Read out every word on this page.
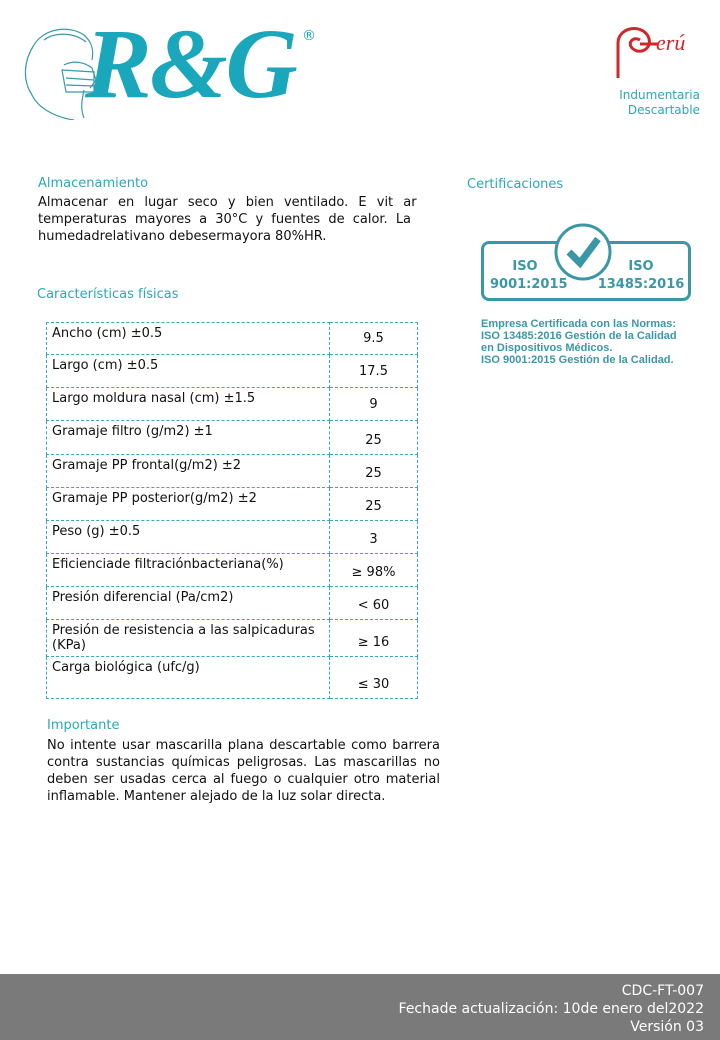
R&G ®	erú
Indumentaria
Descartable
Almacenamiento
Almacenar en lugar seco y bien ventilado. E vit ar
temperaturas mayores a 30°C y fuentes de calor. La
humedadrelativano debesermayora 80%HR.
Certificaciones
ISO
9001:2015
ISO
13485:2016
Empresa Certificada con las Normas:
ISO 13485:2016 Gestión de la Calidad
en Dispositivos Médicos.
ISO 9001:2015 Gestión de la Calidad.
Características físicas
Ancho (cm) ±0.5	9.5
Largo (cm) ±0.5	17.5
Largo moldura nasal (cm) ±1.5	9
Gramaje filtro (g/m2) ±1	25
Gramaje PP frontal(g/m2) ±2	25
Gramaje PP posterior(g/m2) ±2	25
Peso (g) ±0.5	3
Eficienciade filtraciónbacteriana(%)	≥ 98%
Presión diferencial (Pa/cm2)	< 60
Presión de resistencia a las salpicaduras (KPa)	≥ 16
Carga biológica (ufc/g)	≤ 30
Importante
No intente usar mascarilla plana descartable como barrera contra sustancias químicas peligrosas. Las mascarillas no deben ser usadas cerca al fuego o cualquier otro material inflamable. Mantener alejado de la luz solar directa.
CDC-FT-007
Fechade actualización: 10de enero del2022
Versión 03
